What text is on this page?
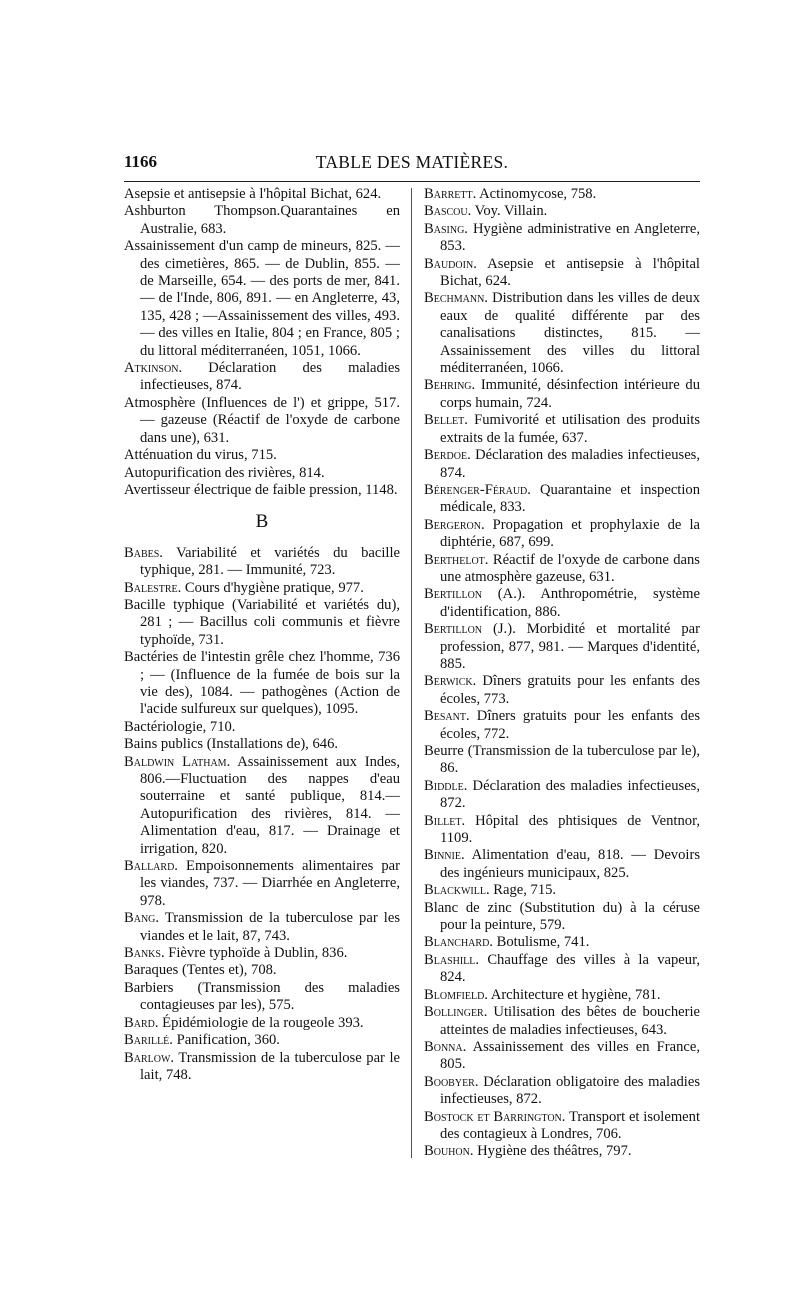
1166	TABLE DES MATIÈRES.

Asepsie et antisepsie à l'hôpital Bichat, 624.

Ashburton Thompson.Quarantaines en Australie, 683.

Assainissement d'un camp de mineurs, 825. — des cimetières, 865. — de Dublin, 855. — de Marseille, 654. — des ports de mer, 841. — de l'Inde, 806, 891. — en Angleterre, 43, 135, 428 ; —Assainissement des villes, 493. — des villes en Italie, 804 ; en France, 805 ; du littoral méditerranéen, 1051, 1066.

Atkinson. Déclaration des maladies infectieuses, 874.

Atmosphère (Influences de l') et grippe, 517. — gazeuse (Réactif de l'oxyde de carbone dans une), 631.

Atténuation du virus, 715.

Autopurification des rivières, 814.

Avertisseur électrique de faible pression, 1148.

B

Babes. Variabilité et variétés du bacille typhique, 281. — Immunité, 723.

Balestre. Cours d'hygiène pratique, 977.

Bacille typhique (Variabilité et variétés du), 281 ; — Bacillus coli communis et fièvre typhoïde, 731.

Bactéries de l'intestin grêle chez l'homme, 736 ; — (Influence de la fumée de bois sur la vie des), 1084. — pathogènes (Action de l'acide sulfureux sur quelques), 1095.

Bactériologie, 710.

Bains publics (Installations de), 646.

Baldwin Latham. Assainissement aux Indes, 806.—Fluctuation des nappes d'eau souterraine et santé publique, 814.—Autopurification des rivières, 814. — Alimentation d'eau, 817. — Drainage et irrigation, 820.

Ballard. Empoisonnements alimentaires par les viandes, 737. — Diarrhée en Angleterre, 978.

Bang. Transmission de la tuberculose par les viandes et le lait, 87, 743.

Banks. Fièvre typhoïde à Dublin, 836.

Baraques (Tentes et), 708.

Barbiers (Transmission des maladies contagieuses par les), 575.

Bard. Épidémiologie de la rougeole 393.

Barillé. Panification, 360.

Barlow. Transmission de la tuberculose par le lait, 748.

Barrett. Actinomycose, 758.

Bascou. Voy. Villain.

Basing. Hygiène administrative en Angleterre, 853.

Baudoin. Asepsie et antisepsie à l'hôpital Bichat, 624.

Bechmann. Distribution dans les villes de deux eaux de qualité différente par des canalisations distinctes, 815. — Assainissement des villes du littoral méditerranéen, 1066.

Behring. Immunité, désinfection intérieure du corps humain, 724.

Bellet. Fumivorité et utilisation des produits extraits de la fumée, 637.

Berdoe. Déclaration des maladies infectieuses, 874.

Bérenger-Féraud. Quarantaine et inspection médicale, 833.

Bergeron. Propagation et prophylaxie de la diphtérie, 687, 699.

Berthelot. Réactif de l'oxyde de carbone dans une atmosphère gazeuse, 631.

Bertillon (A.). Anthropométrie, système d'identification, 886.

Bertillon (J.). Morbidité et mortalité par profession, 877, 981. — Marques d'identité, 885.

Berwick. Dîners gratuits pour les enfants des écoles, 773.

Besant. Dîners gratuits pour les enfants des écoles, 772.

Beurre (Transmission de la tuberculose par le), 86.

Biddle. Déclaration des maladies infectieuses, 872.

Billet. Hôpital des phtisiques de Ventnor, 1109.

Binnie. Alimentation d'eau, 818. — Devoirs des ingénieurs municipaux, 825.

Blackwill. Rage, 715.

Blanc de zinc (Substitution du) à la céruse pour la peinture, 579.

Blanchard. Botulisme, 741.

Blashill. Chauffage des villes à la vapeur, 824.

Blomfield. Architecture et hygiène, 781.

Bollinger. Utilisation des bêtes de boucherie atteintes de maladies infectieuses, 643.

Bonna. Assainissement des villes en France, 805.

Boobyer. Déclaration obligatoire des maladies infectieuses, 872.

Bostock et Barrington. Transport et isolement des contagieux à Londres, 706.

Bouhon. Hygiène des théâtres, 797.
